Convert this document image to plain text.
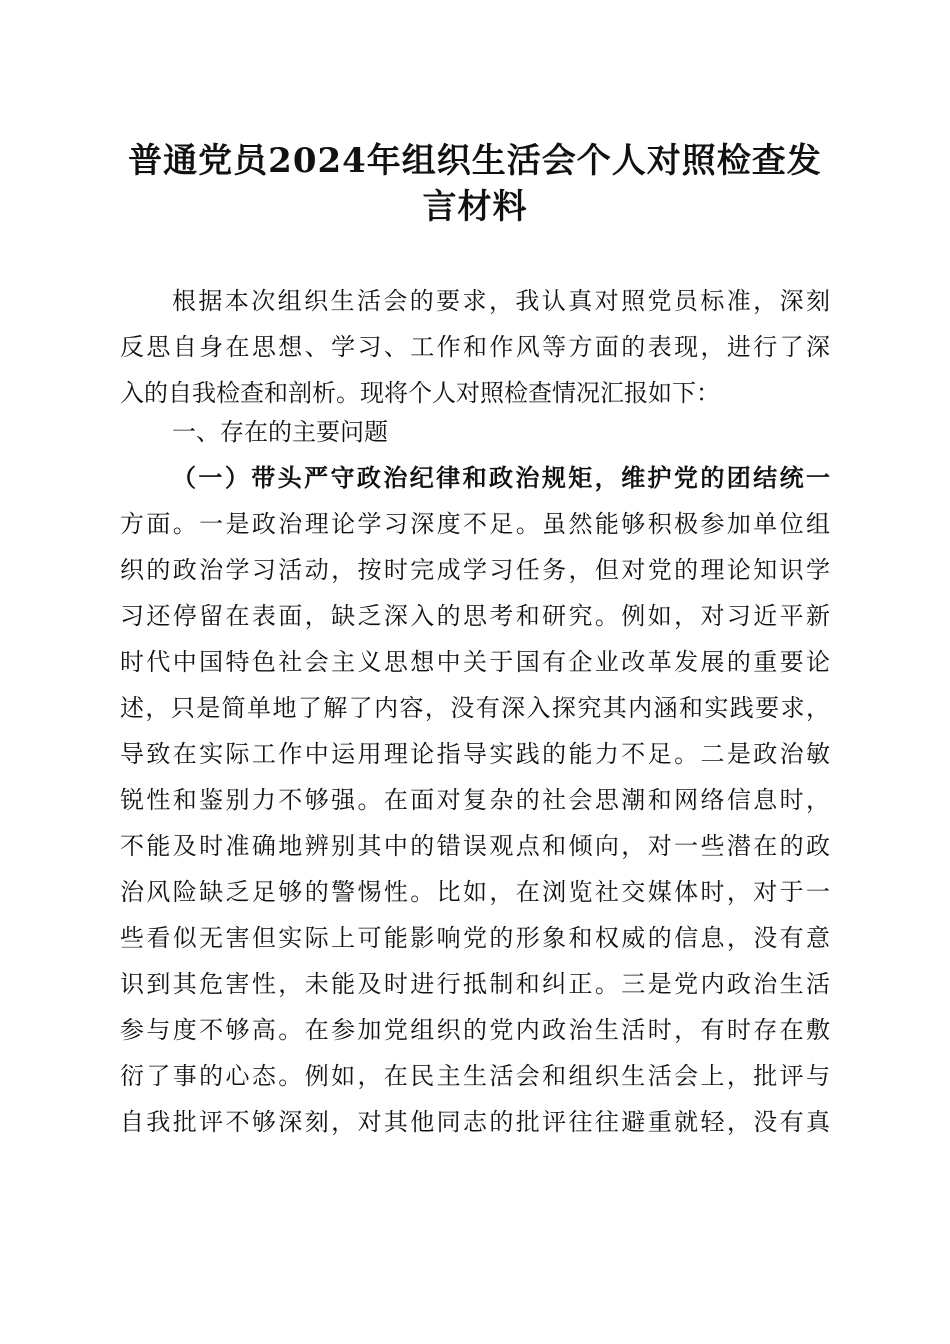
普通党员2024年组织生活会个人对照检查发言材料

根据本次组织生活会的要求，我认真对照党员标准，深刻

反思自身在思想、学习、工作和作风等方面的表现，进行了深

入的自我检查和剖析。现将个人对照检查情况汇报如下：

一、存在的主要问题

（一）带头严守政治纪律和政治规矩，维护党的团结统一

方面。一是政治理论学习深度不足。虽然能够积极参加单位组

织的政治学习活动，按时完成学习任务，但对党的理论知识学

习还停留在表面，缺乏深入的思考和研究。例如，对习近平新

时代中国特色社会主义思想中关于国有企业改革发展的重要论

述，只是简单地了解了内容，没有深入探究其内涵和实践要求，

导致在实际工作中运用理论指导实践的能力不足。二是政治敏

锐性和鉴别力不够强。在面对复杂的社会思潮和网络信息时，

不能及时准确地辨别其中的错误观点和倾向，对一些潜在的政

治风险缺乏足够的警惕性。比如，在浏览社交媒体时，对于一

些看似无害但实际上可能影响党的形象和权威的信息，没有意

识到其危害性，未能及时进行抵制和纠正。三是党内政治生活

参与度不够高。在参加党组织的党内政治生活时，有时存在敷

衍了事的心态。例如，在民主生活会和组织生活会上，批评与

自我批评不够深刻，对其他同志的批评往往避重就轻，没有真
